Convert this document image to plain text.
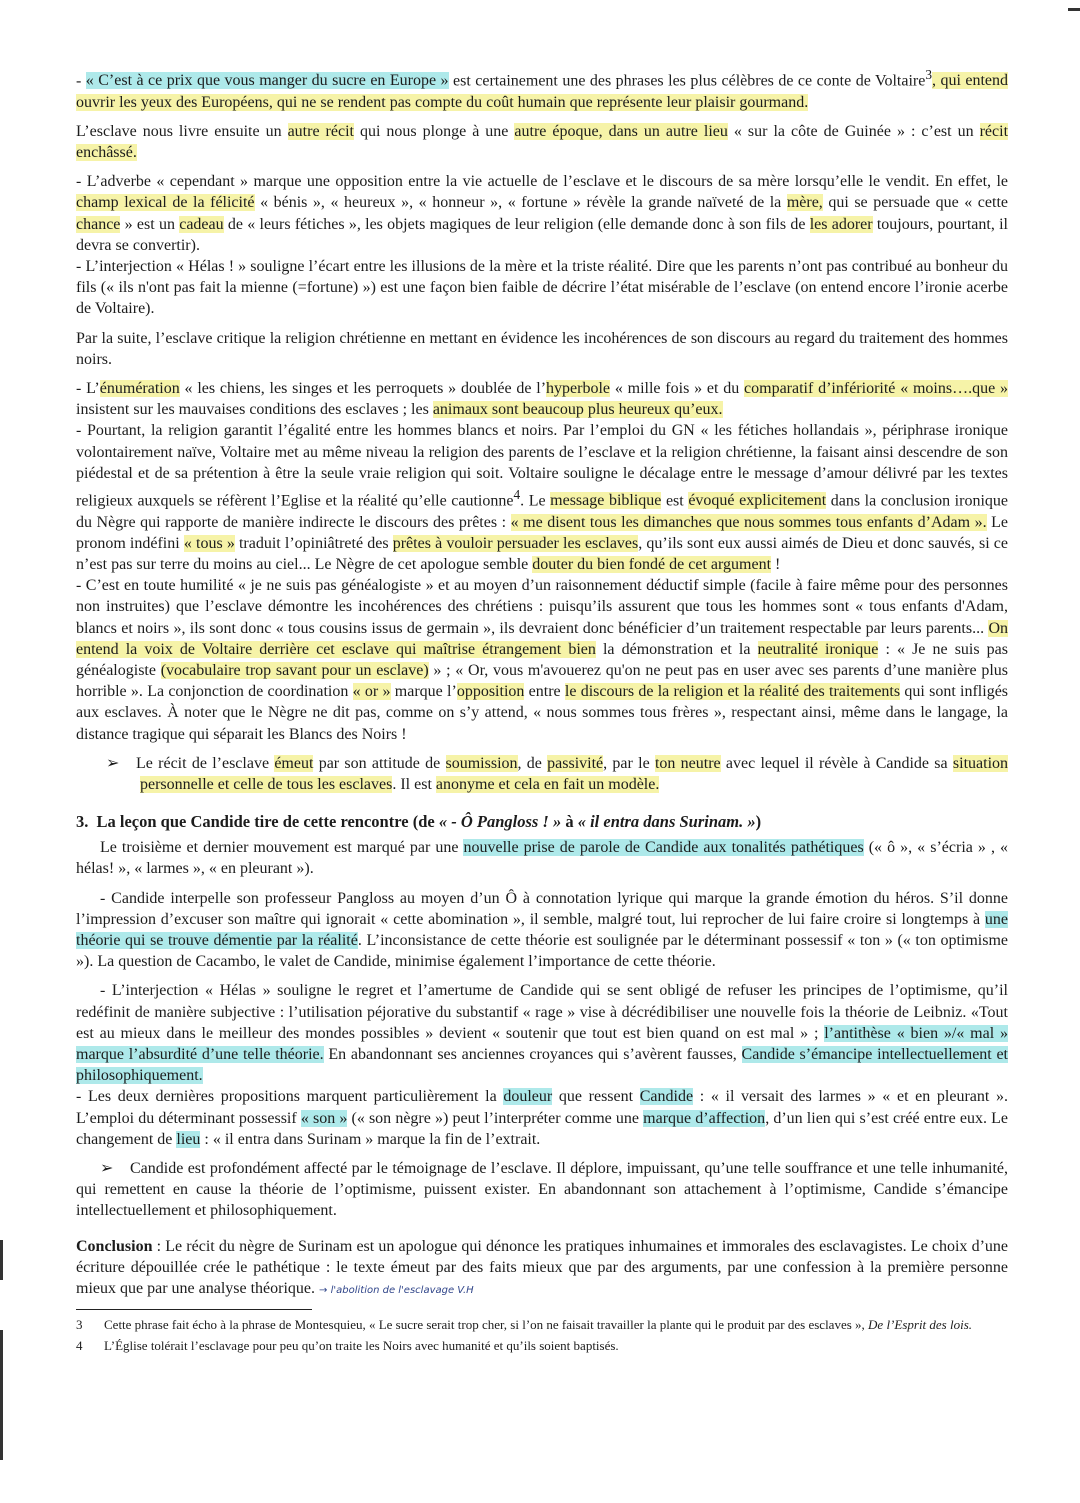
- « C’est à ce prix que vous manger du sucre en Europe » est certainement une des phrases les plus célèbres de ce conte de Voltaire$^3$, qui entend ouvrir les yeux des Européens, qui ne se rendent pas compte du coût humain que représente leur plaisir gourmand.

L’esclave nous livre ensuite un autre récit qui nous plonge à une autre époque, dans un autre lieu « sur la côte de Guinée » : c’est un récit enchâssé.

- L’adverbe « cependant » marque une opposition entre la vie actuelle de l’esclave et le discours de sa mère lorsqu’elle le vendit. En effet, le champ lexical de la félicité « bénis », « heureux », « honneur », « fortune » révèle la grande naïveté de la mère, qui se persuade que « cette chance » est un cadeau de « leurs fétiches », les objets magiques de leur religion (elle demande donc à son fils de les adorer toujours, pourtant, il devra se convertir).

- L’interjection « Hélas ! » souligne l’écart entre les illusions de la mère et la triste réalité. Dire que les parents n’ont pas contribué au bonheur du fils (« ils n'ont pas fait la mienne (=fortune) ») est une façon bien faible de décrire l’état misérable de l’esclave (on entend encore l’ironie acerbe de Voltaire).

Par la suite, l’esclave critique la religion chrétienne en mettant en évidence les incohérences de son discours au regard du traitement des hommes noirs.

- L’énumération « les chiens, les singes et les perroquets » doublée de l’hyperbole « mille fois » et du comparatif d’infériorité « moins….que » insistent sur les mauvaises conditions des esclaves ; les animaux sont beaucoup plus heureux qu’eux.

- Pourtant, la religion garantit l’égalité entre les hommes blancs et noirs. Par l’emploi du GN « les fétiches hollandais », périphrase ironique volontairement naïve, Voltaire met au même niveau la religion des parents de l’esclave et la religion chrétienne, la faisant ainsi descendre de son piédestal et de sa prétention à être la seule vraie religion qui soit. Voltaire souligne le décalage entre le message d’amour délivré par les textes religieux auxquels se réfèrent l’Eglise et la réalité qu’elle cautionne$^4$. Le message biblique est évoqué explicitement dans la conclusion ironique du Nègre qui rapporte de manière indirecte le discours des prêtes : « me disent tous les dimanches que nous sommes tous enfants d’Adam ». Le pronom indéfini « tous » traduit l’opiniâtreté des prêtes à vouloir persuader les esclaves, qu’ils sont eux aussi aimés de Dieu et donc sauvés, si ce n’est pas sur terre du moins au ciel... Le Nègre de cet apologue semble douter du bien fondé de cet argument !

- C’est en toute humilité « je ne suis pas généalogiste » et au moyen d’un raisonnement déductif simple (facile à faire même pour des personnes non instruites) que l’esclave démontre les incohérences des chrétiens : puisqu’ils assurent que tous les hommes sont « tous enfants d'Adam, blancs et noirs », ils sont donc « tous cousins issus de germain », ils devraient donc bénéficier d’un traitement respectable par leurs parents... On entend la voix de Voltaire derrière cet esclave qui maîtrise étrangement bien la démonstration et la neutralité ironique : « Je ne suis pas généalogiste (vocabulaire trop savant pour un esclave) » ; « Or, vous m'avouerez qu'on ne peut pas en user avec ses parents d’une manière plus horrible ». La conjonction de coordination « or » marque l’opposition entre le discours de la religion et la réalité des traitements qui sont infligés aux esclaves. À noter que le Nègre ne dit pas, comme on s’y attend, « nous sommes tous frères », respectant ainsi, même dans le langage, la distance tragique qui séparait les Blancs des Noirs !

➢ Le récit de l’esclave émeut par son attitude de soumission, de passivité, par le ton neutre avec lequel il révèle à Candide sa situation personnelle et celle de tous les esclaves. Il est anonyme et cela en fait un modèle.

3. La leçon que Candide tire de cette rencontre (de « - Ô Pangloss ! » à « il entra dans Surinam. »)

Le troisième et dernier mouvement est marqué par une nouvelle prise de parole de Candide aux tonalités pathétiques (« ô », « s’écria » , « hélas! », « larmes », « en pleurant »).

- Candide interpelle son professeur Pangloss au moyen d’un Ô à connotation lyrique qui marque la grande émotion du héros. S’il donne l’impression d’excuser son maître qui ignorait « cette abomination », il semble, malgré tout, lui reprocher de lui faire croire si longtemps à une théorie qui se trouve démentie par la réalité. L’inconsistance de cette théorie est soulignée par le déterminant possessif « ton » (« ton optimisme »). La question de Cacambo, le valet de Candide, minimise également l’importance de cette théorie.

- L’interjection « Hélas » souligne le regret et l’amertume de Candide qui se sent obligé de refuser les principes de l’optimisme, qu’il redéfinit de manière subjective : l’utilisation péjorative du substantif « rage » vise à décrédibiliser une nouvelle fois la théorie de Leibniz. «Tout est au mieux dans le meilleur des mondes possibles » devient « soutenir que tout est bien quand on est mal » ; l’antithèse « bien »/« mal » marque l’absurdité d’une telle théorie. En abandonnant ses anciennes croyances qui s’avèrent fausses, Candide s’émancipe intellectuellement et philosophiquement.

- Les deux dernières propositions marquent particulièrement la douleur que ressent Candide : « il versait des larmes » « et en pleurant ». L’emploi du déterminant possessif « son » (« son nègre ») peut l’interpréter comme une marque d’affection, d’un lien qui s’est créé entre eux. Le changement de lieu : « il entra dans Surinam » marque la fin de l’extrait.

➢ Candide est profondément affecté par le témoignage de l’esclave. Il déplore, impuissant, qu’une telle souffrance et une telle inhumanité, qui remettent en cause la théorie de l’optimisme, puissent exister. En abandonnant son attachement à l’optimisme, Candide s’émancipe intellectuellement et philosophiquement.

Conclusion : Le récit du nègre de Surinam est un apologue qui dénonce les pratiques inhumaines et immorales des esclavagistes. Le choix d’une écriture dépouillée crée le pathétique : le texte émeut par des faits mieux que par des arguments, par une confession à la première personne mieux que par une analyse théorique. → l'abolition de l'esclavage V.H

3 Cette phrase fait écho à la phrase de Montesquieu, « Le sucre serait trop cher, si l’on ne faisait travailler la plante qui le produit par des esclaves », De l’Esprit des lois.

4 L’Église tolérait l’esclavage pour peu qu’on traite les Noirs avec humanité et qu’ils soient baptisés.
